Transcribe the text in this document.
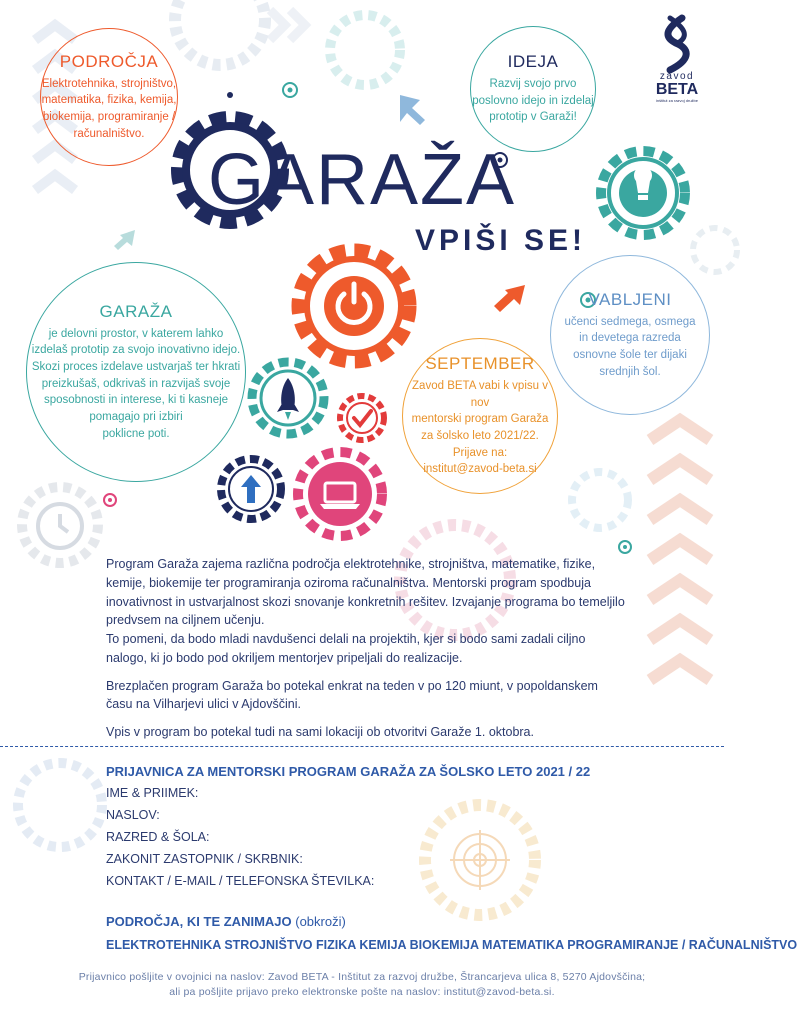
zavod
BETA
inštitut za razvoj družbe
GARAŽA
VPIŠI SE!
PODROČJA

Elektrotehnika, strojništvo,
matematika, fizika, kemija,
biokemija, programiranje /
računalništvo.

IDEJA

Razvij svojo prvo
poslovno idejo in izdelaj
prototip v Garaži!

GARAŽA

je delovni prostor, v katerem lahko
izdelaš prototip za svojo inovativno idejo.
Skozi proces izdelave ustvarjaš ter hkrati
preizkušaš, odkrivaš in razvijaš svoje
sposobnosti in interese, ki ti kasneje
pomagajo pri izbiri
poklicne poti.

VABLJENI

učenci sedmega, osmega
in devetega razreda
osnovne šole ter dijaki
srednjih šol.

SEPTEMBER

Zavod BETA vabi k vpisu v nov
mentorski program Garaža
za šolsko leto 2021/22.
Prijave na:
institut@zavod-beta.si

Program Garaža zajema različna področja elektrotehnike, strojništva, matematike, fizike, kemije, biokemije ter programiranja oziroma računalništva. Mentorski program spodbuja inovativnost in ustvarjalnost skozi snovanje konkretnih rešitev. Izvajanje programa bo temeljilo predvsem na ciljnem učenju.

To pomeni, da bodo mladi navdušenci delali na projektih, kjer si bodo sami zadali ciljno nalogo, ki jo bodo pod okriljem mentorjev pripeljali do realizacije.

Brezplačen program Garaža bo potekal enkrat na teden v po 120 miunt, v popoldanskem času na Vilharjevi ulici v Ajdovščini.

Vpis v program bo potekal tudi na sami lokaciji ob otvoritvi Garaže 1. oktobra.

PRIJAVNICA ZA MENTORSKI PROGRAM GARAŽA ZA ŠOLSKO LETO 2021 / 22
IME & PRIIMEK:
NASLOV:
RAZRED & ŠOLA:
ZAKONIT ZASTOPNIK / SKRBNIK:
KONTAKT / E-MAIL / TELEFONSKA ŠTEVILKA:
PODROČJA, KI TE ZANIMAJO (obkroži)
ELEKTROTEHNIKA STROJNIŠTVO FIZIKA KEMIJA BIOKEMIJA MATEMATIKA PROGRAMIRANJE / RAČUNALNIŠTVO
Prijavnico pošljite v ovojnici na naslov: Zavod BETA - Inštitut za razvoj družbe, Štrancarjeva ulica 8, 5270 Ajdovščina;
ali pa pošljite prijavo preko elektronske pošte na naslov: institut@zavod-beta.si.
